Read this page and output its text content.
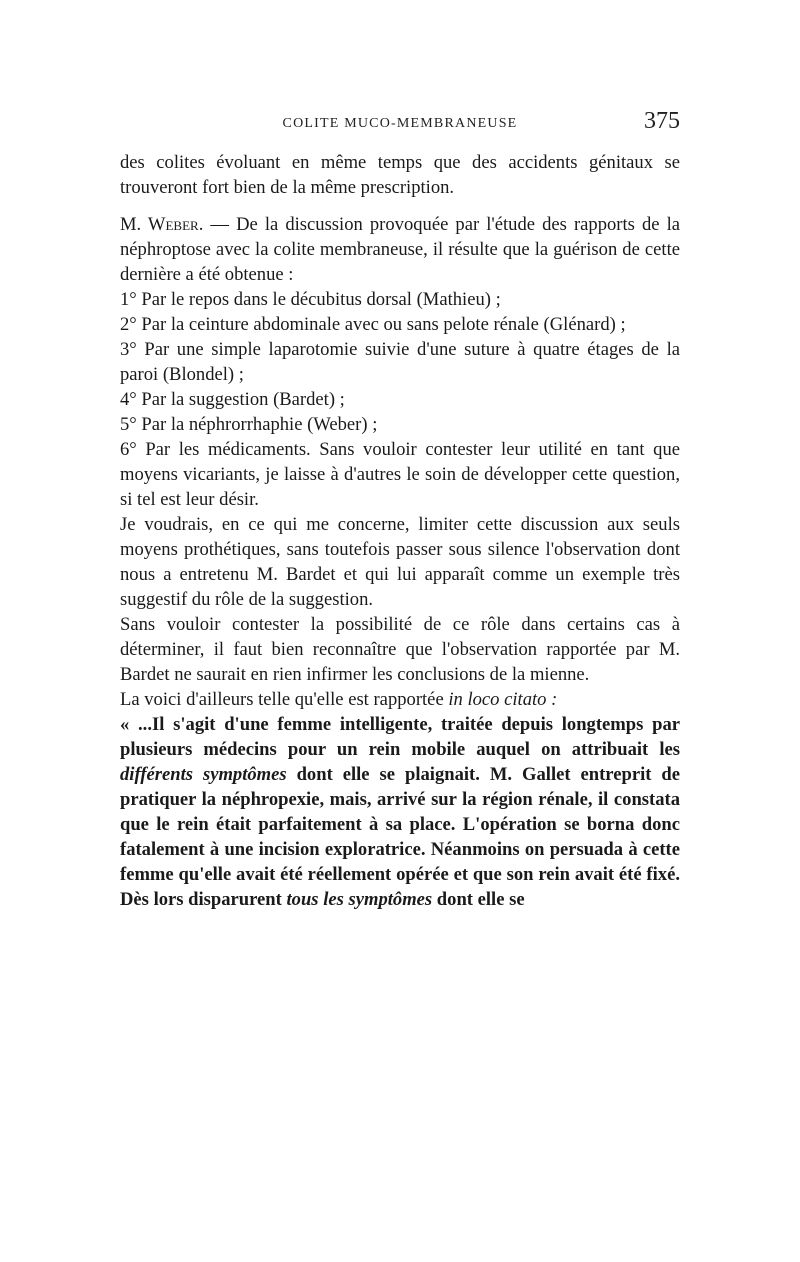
COLITE MUCO-MEMBRANEUSE	375

des colites évoluant en même temps que des accidents génitaux se trouveront fort bien de la même prescription.

M. Weber. — De la discussion provoquée par l'étude des rapports de la néphroptose avec la colite membraneuse, il résulte que la guérison de cette dernière a été obtenue :

1° Par le repos dans le décubitus dorsal (Mathieu) ;

2° Par la ceinture abdominale avec ou sans pelote rénale (Glénard) ;

3° Par une simple laparotomie suivie d'une suture à quatre étages de la paroi (Blondel) ;

4° Par la suggestion (Bardet) ;

5° Par la néphrorrhaphie (Weber) ;

6° Par les médicaments. Sans vouloir contester leur utilité en tant que moyens vicariants, je laisse à d'autres le soin de développer cette question, si tel est leur désir.

Je voudrais, en ce qui me concerne, limiter cette discussion aux seuls moyens prothétiques, sans toutefois passer sous silence l'observation dont nous a entretenu M. Bardet et qui lui apparaît comme un exemple très suggestif du rôle de la suggestion.

Sans vouloir contester la possibilité de ce rôle dans certains cas à déterminer, il faut bien reconnaître que l'observation rapportée par M. Bardet ne saurait en rien infirmer les conclusions de la mienne.

La voici d'ailleurs telle qu'elle est rapportée in loco citato :

« ...Il s'agit d'une femme intelligente, traitée depuis longtemps par plusieurs médecins pour un rein mobile auquel on attribuait les différents symptômes dont elle se plaignait. M. Gallet entreprit de pratiquer la néphropexie, mais, arrivé sur la région rénale, il constata que le rein était parfaitement à sa place. L'opération se borna donc fatalement à une incision exploratrice. Néanmoins on persuada à cette femme qu'elle avait été réellement opérée et que son rein avait été fixé. Dès lors disparurent tous les symptômes dont elle se
